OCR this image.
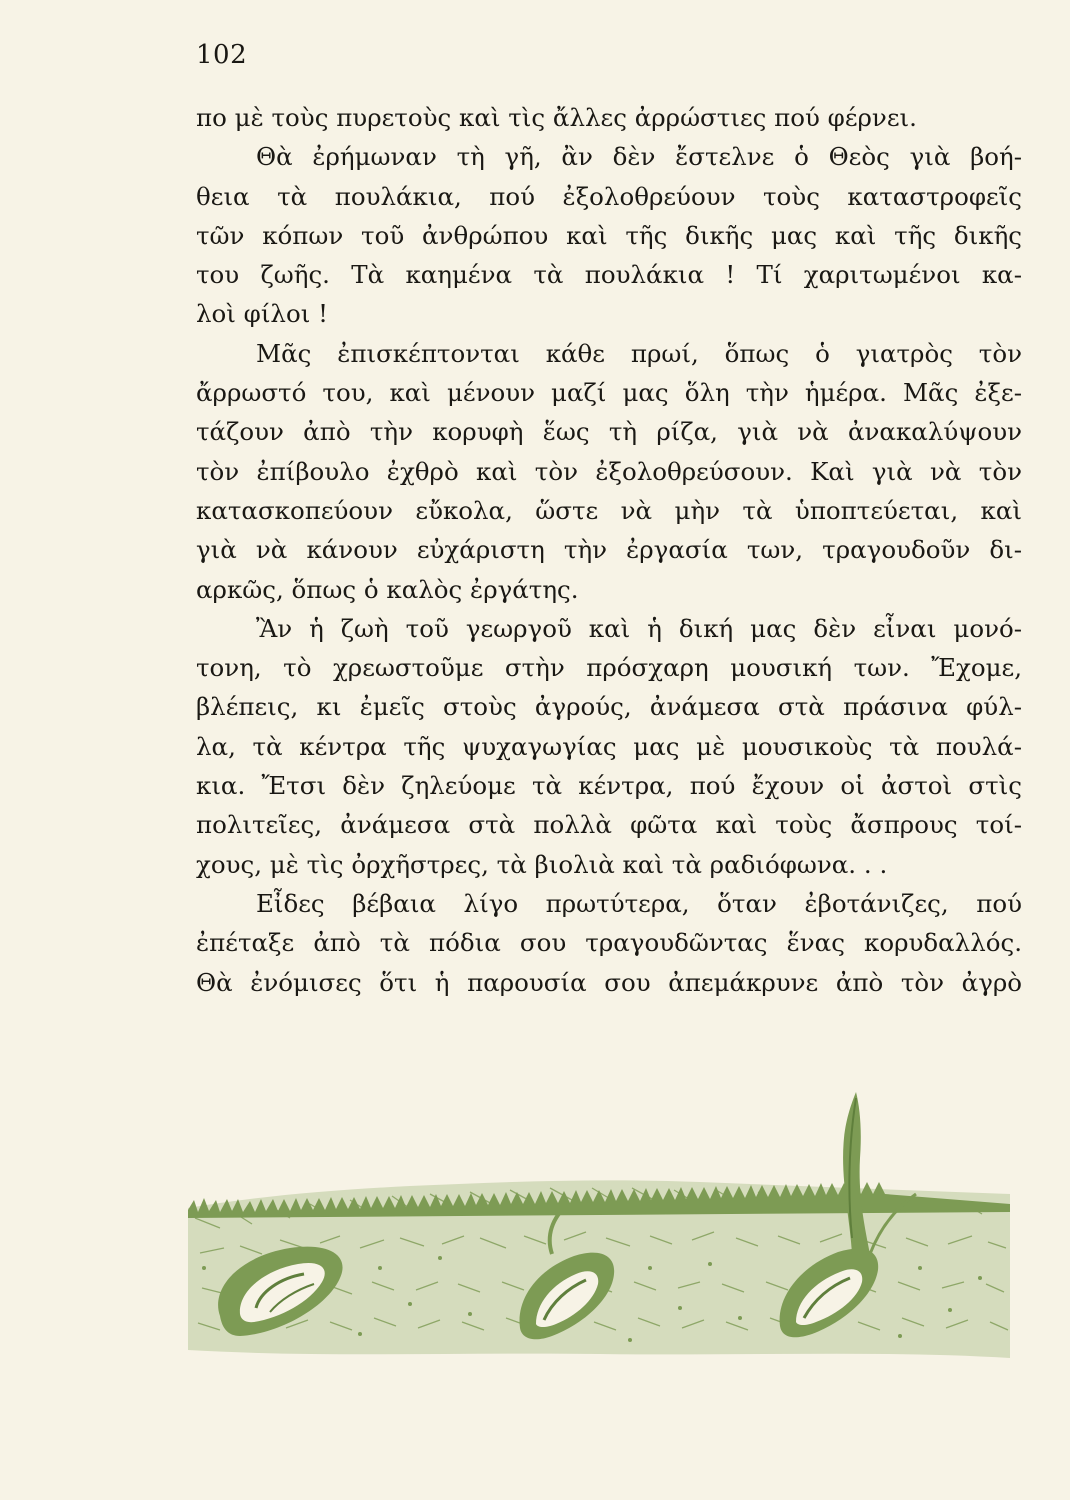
102
πο μὲ τοὺς πυρετοὺς καὶ τὶς ἄλλες ἀρρώστιες πού φέρνει.
Θὰ ἐρήμωναν τὴ γῆ, ἂν δὲν ἔστελνε ὁ Θεὸς γιὰ βοή-
θεια τὰ πουλάκια, πού ἐξολοθρεύουν τοὺς καταστροφεῖς
τῶν κόπων τοῦ ἀνθρώπου καὶ τῆς δικῆς μας καὶ τῆς δικῆς
του ζωῆς. Τὰ καημένα τὰ πουλάκια ! Τί χαριτωμένοι κα-
λοὶ φίλοι !
Μᾶς ἐπισκέπτονται κάθε πρωί, ὅπως ὁ γιατρὸς τὸν
ἄρρωστό του, καὶ μένουν μαζί μας ὅλη τὴν ἡμέρα. Μᾶς ἐξε-
τάζουν ἀπὸ τὴν κορυφὴ ἕως τὴ ρίζα, γιὰ νὰ ἀνακαλύψουν
τὸν ἐπίβουλο ἐχθρὸ καὶ τὸν ἐξολοθρεύσουν. Καὶ γιὰ νὰ τὸν
κατασκοπεύουν εὔκολα, ὥστε νὰ μὴν τὰ ὑποπτεύεται, καὶ
γιὰ νὰ κάνουν εὐχάριστη τὴν ἐργασία των, τραγουδοῦν δι-
αρκῶς, ὅπως ὁ καλὸς ἐργάτης.
Ἂν ἡ ζωὴ τοῦ γεωργοῦ καὶ ἡ δική μας δὲν εἶναι μονό-
τονη, τὸ χρεωστοῦμε στὴν πρόσχαρη μουσική των. Ἔχομε,
βλέπεις, κι ἐμεῖς στοὺς ἀγρούς, ἀνάμεσα στὰ πράσινα φύλ-
λα, τὰ κέντρα τῆς ψυχαγωγίας μας μὲ μουσικοὺς τὰ πουλά-
κια. Ἔτσι δὲν ζηλεύομε τὰ κέντρα, πού ἔχουν οἱ ἀστοὶ στὶς
πολιτεῖες, ἀνάμεσα στὰ πολλὰ φῶτα καὶ τοὺς ἄσπρους τοί-
χους, μὲ τὶς ὀρχῆστρες, τὰ βιολιὰ καὶ τὰ ραδιόφωνα. . .
Εἶδες βέβαια λίγο πρωτύτερα, ὅταν ἐβοτάνιζες, πού
ἐπέταξε ἀπὸ τὰ πόδια σου τραγουδῶντας ἕνας κορυδαλλός.
Θὰ ἐνόμισες ὅτι ἡ παρουσία σου ἀπεμάκρυνε ἀπὸ τὸν ἀγρὸ
